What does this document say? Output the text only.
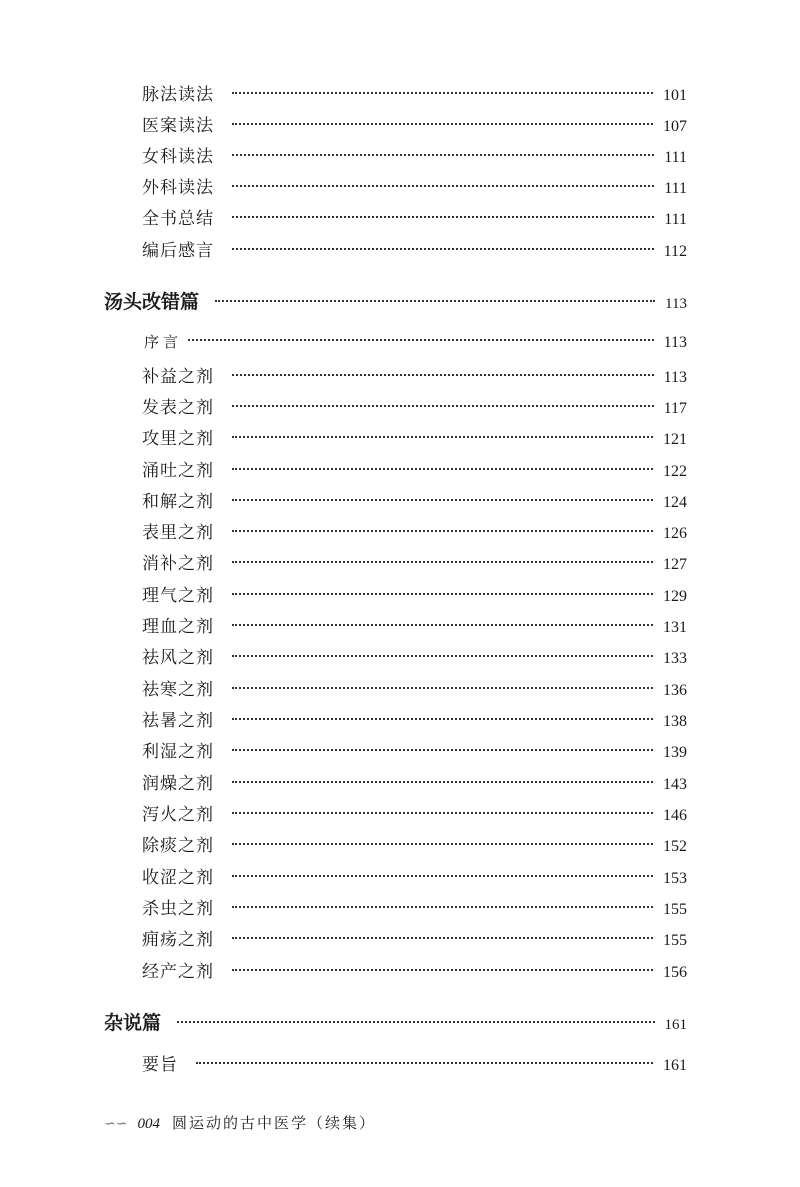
脉法读法	101
医案读法	107
女科读法	111
外科读法	111
全书总结	111
编后感言	112
汤头改错篇	113
序言	113
补益之剂	113
发表之剂	117
攻里之剂	121
涌吐之剂	122
和解之剂	124
表里之剂	126
消补之剂	127
理气之剂	129
理血之剂	131
祛风之剂	133
祛寒之剂	136
祛暑之剂	138
利湿之剂	139
润燥之剂	143
泻火之剂	146
除痰之剂	152
收涩之剂	153
杀虫之剂	155
痈疡之剂	155
经产之剂	156
杂说篇	161
要旨	161
∽∽ 004 圆运动的古中医学（续集）
